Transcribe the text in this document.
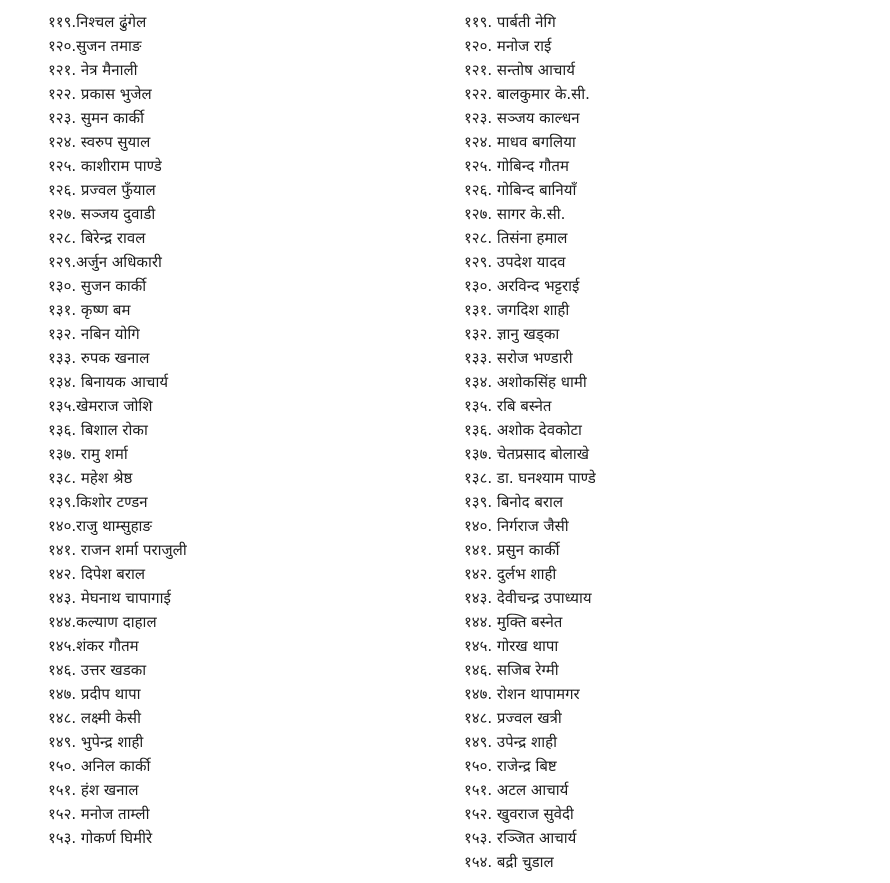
११९.निश्चल ढुंगेल
१२०.सुजन तमाङ
१२१. नेत्र मैनाली
१२२. प्रकास भुजेल
१२३. सुमन कार्की
१२४. स्वरुप सुयाल
१२५. काशीराम पाण्डे
१२६. प्रज्वल फुँयाल
१२७. सञ्जय दुवाडी
१२८. बिरेन्द्र रावल
१२९.अर्जुन अधिकारी
१३०. सुजन कार्की
१३१. कृष्ण बम
१३२. नबिन योगि
१३३. रुपक खनाल
१३४. बिनायक आचार्य
१३५.खेमराज जोशि
१३६. बिशाल रोका
१३७. रामु शर्मा
१३८. महेश श्रेष्ठ
१३९.किशोर टण्डन
१४०.राजु थाम्सुहाङ
१४१. राजन शर्मा पराजुली
१४२. दिपेश बराल
१४३. मेघनाथ चापागाई
१४४.कल्याण दाहाल
१४५.शंकर गौतम
१४६. उत्तर खडका
१४७. प्रदीप थापा
१४८. लक्ष्मी केसी
१४९. भुपेन्द्र शाही
१५०. अनिल कार्की
१५१. हंश खनाल
१५२. मनोज ताम्ली
१५३. गोकर्ण घिमीरे
११९. पार्बती नेगि
१२०. मनोज राई
१२१. सन्तोष आचार्य
१२२. बालकुमार के.सी.
१२३. सञ्जय काल्धन
१२४. माधव बगलिया
१२५. गोबिन्द गौतम
१२६. गोबिन्द बानियाँ
१२७. सागर के.सी.
१२८. तिसंना हमाल
१२९. उपदेश यादव
१३०. अरविन्द भट्टराई
१३१. जगदिश शाही
१३२. ज्ञानु खड्का
१३३. सरोज भण्डारी
१३४. अशोकसिंह धामी
१३५. रबि बस्नेत
१३६. अशोक देवकोटा
१३७. चेतप्रसाद बोलाखे
१३८. डा. घनश्याम पाण्डे
१३९. बिनोद बराल
१४०. निर्गराज जैसी
१४१. प्रसुन कार्की
१४२. दुर्लभ शाही
१४३. देवीचन्द्र उपाध्याय
१४४. मुक्ति बस्नेत
१४५. गोरख थापा
१४६. सजिब रेग्मी
१४७. रोशन थापामगर
१४८. प्रज्वल खत्री
१४९. उपेन्द्र शाही
१५०. राजेन्द्र बिष्ट
१५१. अटल आचार्य
१५२. खुवराज सुवेदी
१५३. रञ्जित आचार्य
१५४. बद्री चुडाल
